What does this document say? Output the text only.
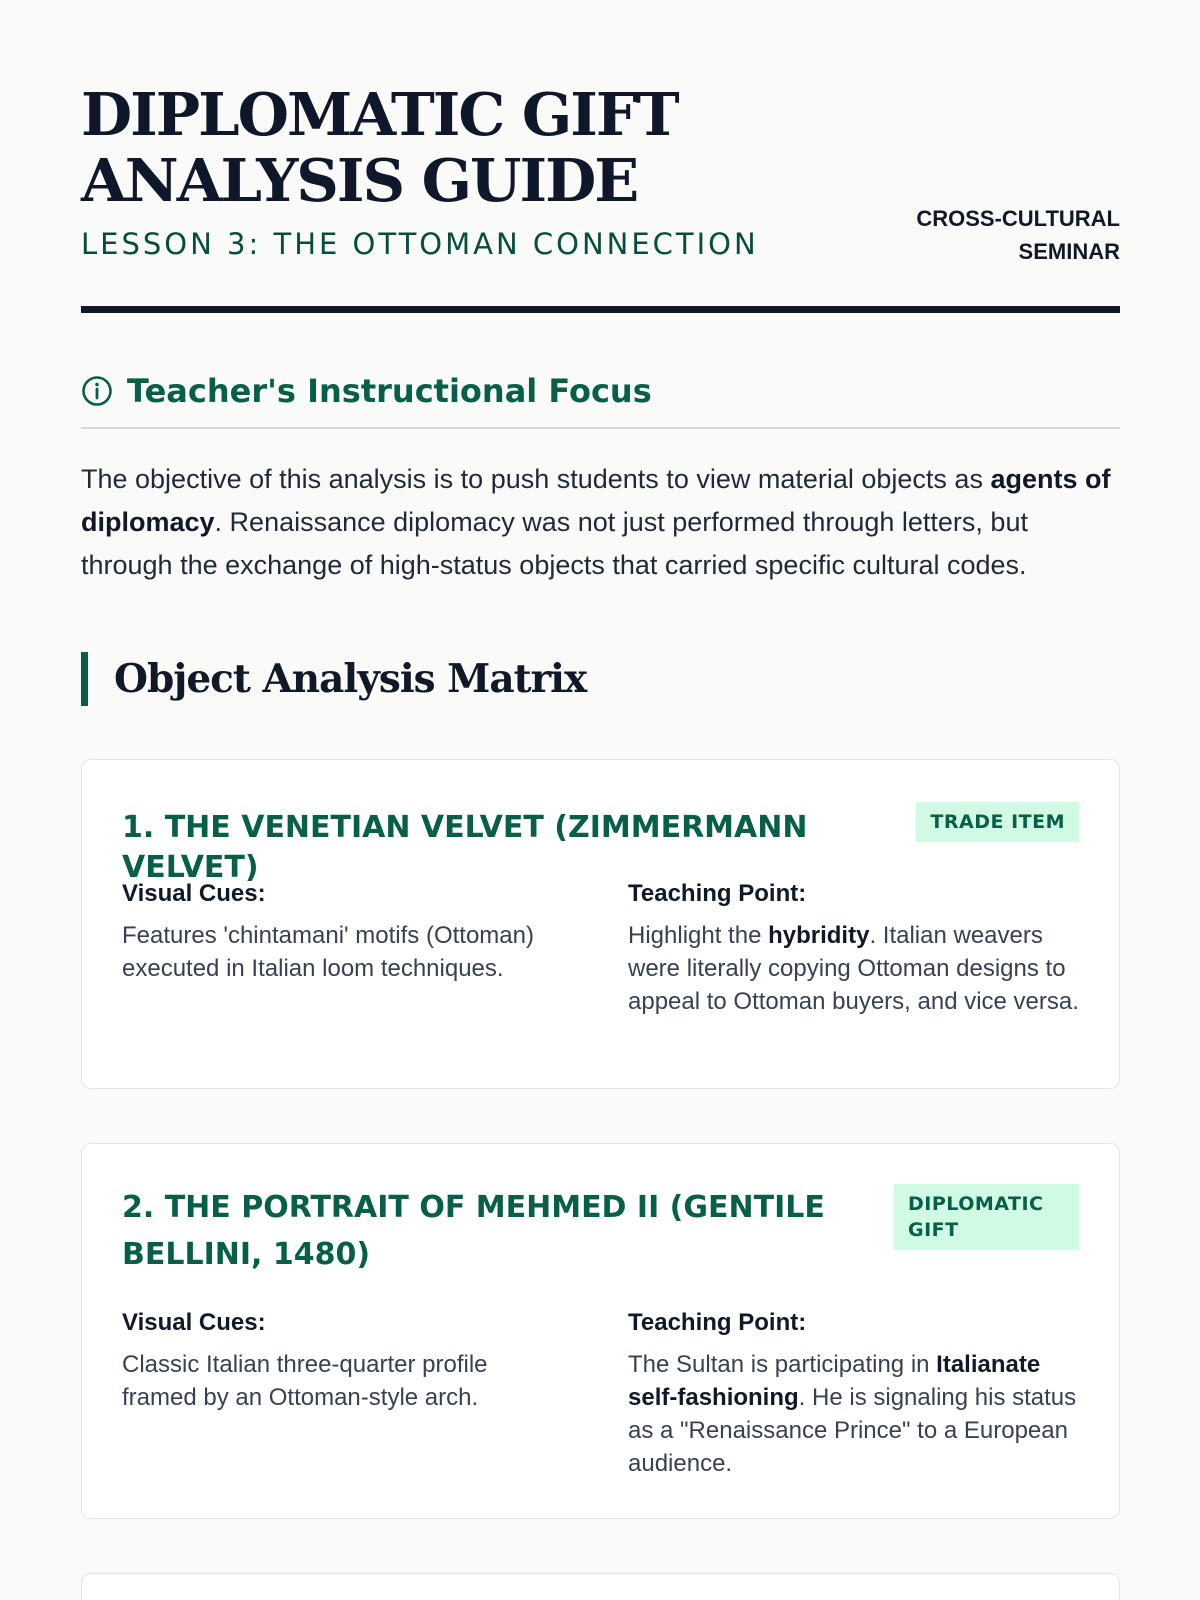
DIPLOMATIC GIFT ANALYSIS GUIDE
LESSON 3: THE OTTOMAN CONNECTION
CROSS-CULTURAL
SEMINAR
Teacher's Instructional Focus

The objective of this analysis is to push students to view material objects as agents of diplomacy. Renaissance diplomacy was not just performed through letters, but through the exchange of high-status objects that carried specific cultural codes.

Object Analysis Matrix
1. THE VENETIAN VELVET (ZIMMERMANN VELVET)
TRADE ITEM
Visual Cues:
Features 'chintamani' motifs (Ottoman) executed in Italian loom techniques.
Teaching Point:
Highlight the hybridity. Italian weavers were literally copying Ottoman designs to appeal to Ottoman buyers, and vice versa.
2. THE PORTRAIT OF MEHMED II (GENTILE BELLINI, 1480)
DIPLOMATIC GIFT
Visual Cues:
Classic Italian three-quarter profile framed by an Ottoman-style arch.
Teaching Point:
The Sultan is participating in Italianate self-fashioning. He is signaling his status as a "Renaissance Prince" to a European audience.
